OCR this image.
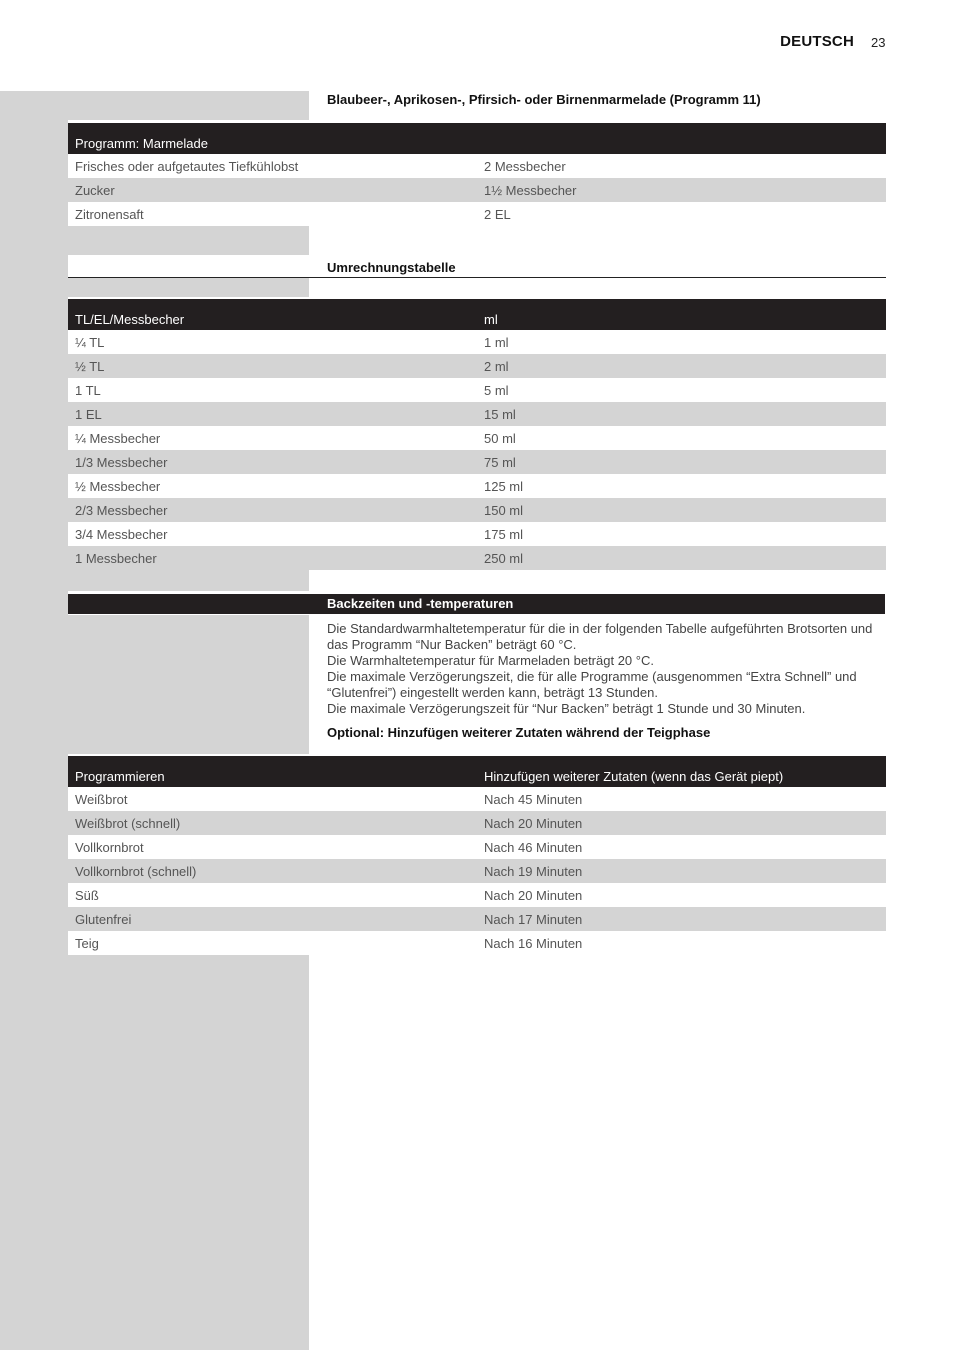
DEUTSCH 23
Blaubeer-, Aprikosen-, Pfirsich- oder Birnenmarmelade (Programm 11)
Programm: Marmelade	
Frisches oder aufgetautes Tiefkühlobst	2 Messbecher
Zucker	1½ Messbecher
Zitronensaft	2 EL
Umrechnungstabelle
TL/EL/Messbecher	ml
¼ TL	1 ml
½ TL	2 ml
1 TL	5 ml
1 EL	15 ml
¼ Messbecher	50 ml
1/3 Messbecher	75 ml
½ Messbecher	125 ml
2/3 Messbecher	150 ml
3/4 Messbecher	175 ml
1 Messbecher	250 ml
Backzeiten und -temperaturen

Die Standardwarmhaltetemperatur für die in der folgenden Tabelle aufgeführten Brotsorten und

das Programm “Nur Backen” beträgt 60 °C.

Die Warmhaltetemperatur für Marmeladen beträgt 20 °C.

Die maximale Verzögerungszeit, die für alle Programme (ausgenommen “Extra Schnell” und

“Glutenfrei”) eingestellt werden kann, beträgt 13 Stunden.

Die maximale Verzögerungszeit für “Nur Backen” beträgt 1 Stunde und 30 Minuten.

Optional: Hinzufügen weiterer Zutaten während der Teigphase
Programmieren	Hinzufügen weiterer Zutaten (wenn das Gerät piept)
Weißbrot	Nach 45 Minuten
Weißbrot (schnell)	Nach 20 Minuten
Vollkornbrot	Nach 46 Minuten
Vollkornbrot (schnell)	Nach 19 Minuten
Süß	Nach 20 Minuten
Glutenfrei	Nach 17 Minuten
Teig	Nach 16 Minuten
